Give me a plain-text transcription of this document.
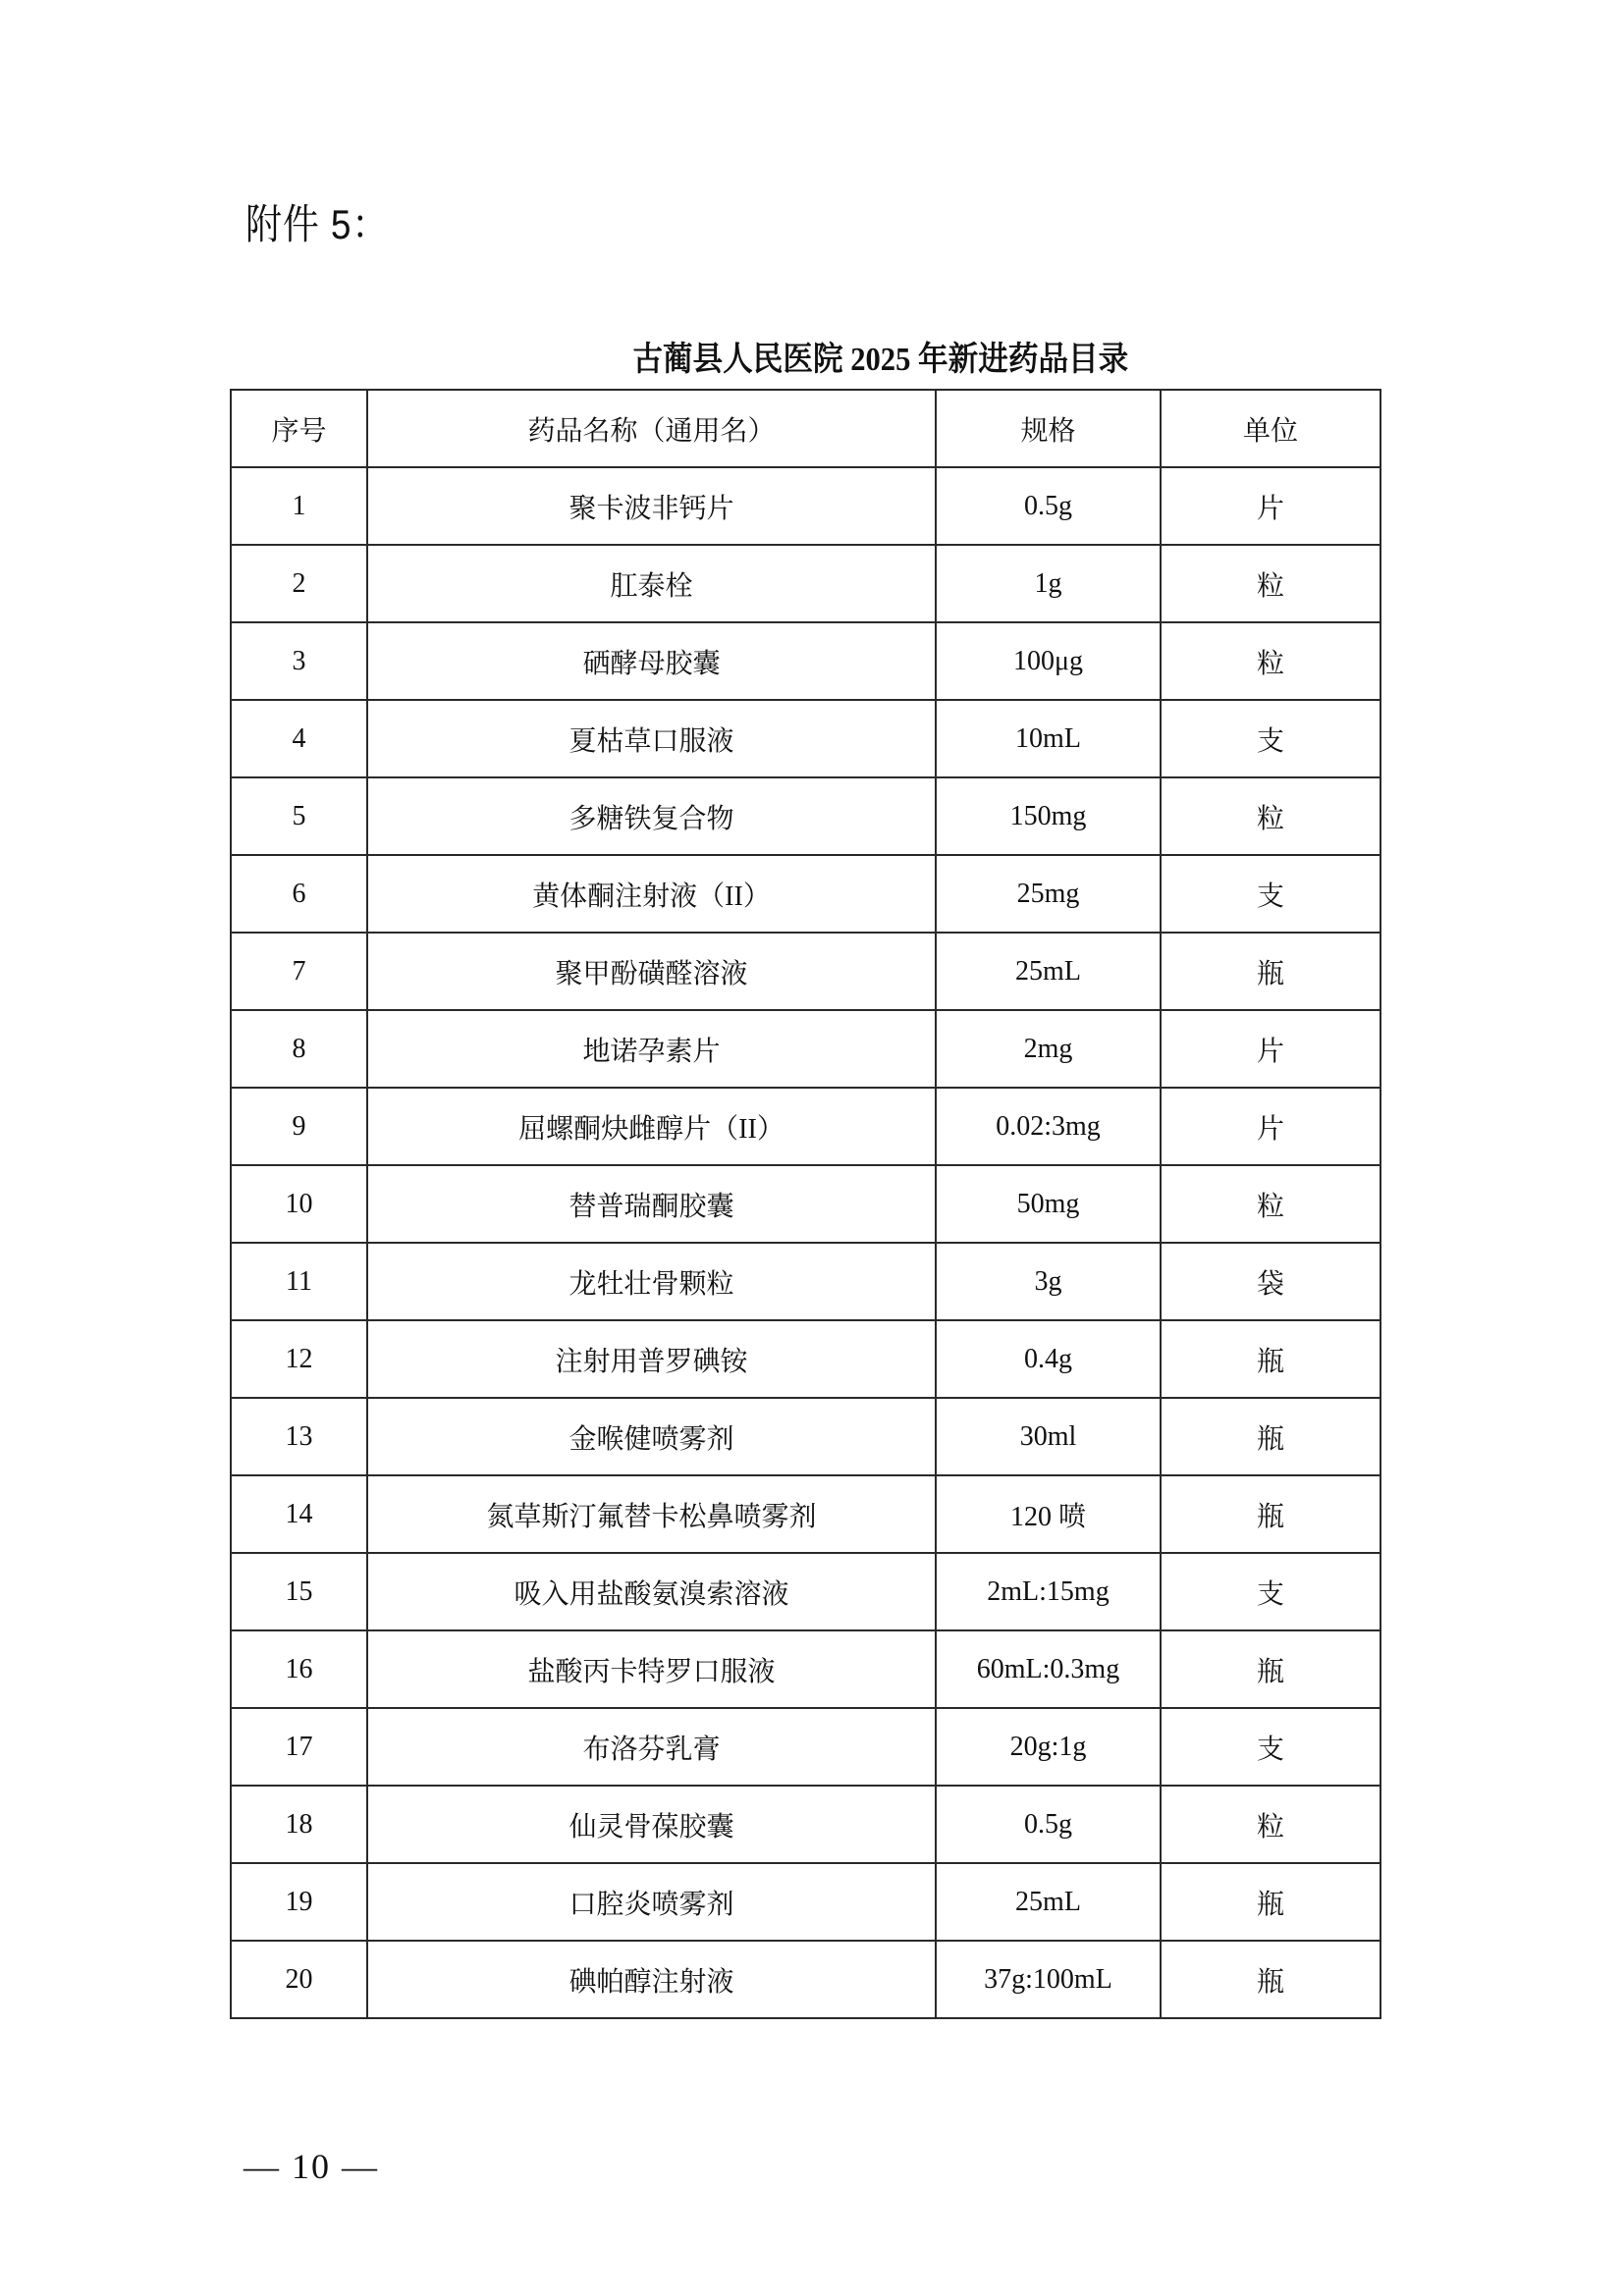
附件 5：
古蔺县人民医院 2025 年新进药品目录
序号	药品名称（通用名）	规格	单位
1	聚卡波非钙片	0.5g	片
2	肛泰栓	1g	粒
3	硒酵母胶囊	100μg	粒
4	夏枯草口服液	10mL	支
5	多糖铁复合物	150mg	粒
6	黄体酮注射液（II）	25mg	支
7	聚甲酚磺醛溶液	25mL	瓶
8	地诺孕素片	2mg	片
9	屈螺酮炔雌醇片（II）	0.02:3mg	片
10	替普瑞酮胶囊	50mg	粒
11	龙牡壮骨颗粒	3g	袋
12	注射用普罗碘铵	0.4g	瓶
13	金喉健喷雾剂	30ml	瓶
14	氮草斯汀氟替卡松鼻喷雾剂	120 喷	瓶
15	吸入用盐酸氨溴索溶液	2mL:15mg	支
16	盐酸丙卡特罗口服液	60mL:0.3mg	瓶
17	布洛芬乳膏	20g:1g	支
18	仙灵骨葆胶囊	0.5g	粒
19	口腔炎喷雾剂	25mL	瓶
20	碘帕醇注射液	37g:100mL	瓶
— 10 —
